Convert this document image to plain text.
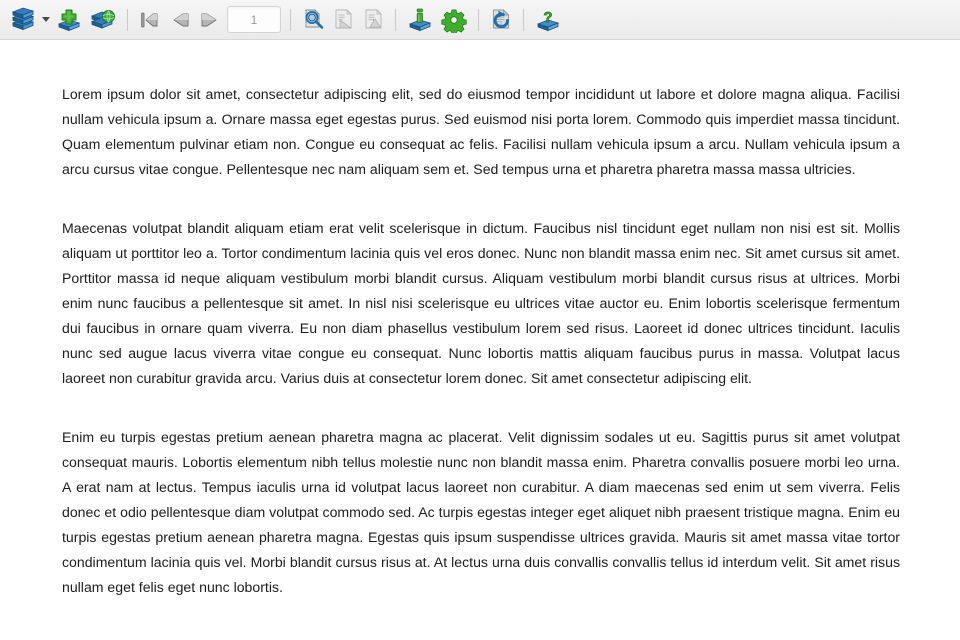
1
?

Lorem ipsum dolor sit amet, consectetur adipiscing elit, sed do eiusmod tempor incididunt ut labore et dolore magna aliqua. Facilisi nullam vehicula ipsum a. Ornare massa eget egestas purus. Sed euismod nisi porta lorem. Commodo quis imperdiet massa tincidunt. Quam elementum pulvinar etiam non. Congue eu consequat ac felis. Facilisi nullam vehicula ipsum a arcu. Nullam vehicula ipsum a arcu cursus vitae congue. Pellentesque nec nam aliquam sem et. Sed tempus urna et pharetra pharetra massa massa ultricies.

Maecenas volutpat blandit aliquam etiam erat velit scelerisque in dictum. Faucibus nisl tincidunt eget nullam non nisi est sit. Mollis aliquam ut porttitor leo a. Tortor condimentum lacinia quis vel eros donec. Nunc non blandit massa enim nec. Sit amet cursus sit amet. Porttitor massa id neque aliquam vestibulum morbi blandit cursus. Aliquam vestibulum morbi blandit cursus risus at ultrices. Morbi enim nunc faucibus a pellentesque sit amet. In nisl nisi scelerisque eu ultrices vitae auctor eu. Enim lobortis scelerisque fermentum dui faucibus in ornare quam viverra. Eu non diam phasellus vestibulum lorem sed risus. Laoreet id donec ultrices tincidunt. Iaculis nunc sed augue lacus viverra vitae congue eu consequat. Nunc lobortis mattis aliquam faucibus purus in massa. Volutpat lacus laoreet non curabitur gravida arcu. Varius duis at consectetur lorem donec. Sit amet consectetur adipiscing elit.

Enim eu turpis egestas pretium aenean pharetra magna ac placerat. Velit dignissim sodales ut eu. Sagittis purus sit amet volutpat consequat mauris. Lobortis elementum nibh tellus molestie nunc non blandit massa enim. Pharetra convallis posuere morbi leo urna. A erat nam at lectus. Tempus iaculis urna id volutpat lacus laoreet non curabitur. A diam maecenas sed enim ut sem viverra. Felis donec et odio pellentesque diam volutpat commodo sed. Ac turpis egestas integer eget aliquet nibh praesent tristique magna. Enim eu turpis egestas pretium aenean pharetra magna. Egestas quis ipsum suspendisse ultrices gravida. Mauris sit amet massa vitae tortor condimentum lacinia quis vel. Morbi blandit cursus risus at. At lectus urna duis convallis convallis tellus id interdum velit. Sit amet risus nullam eget felis eget nunc lobortis.
